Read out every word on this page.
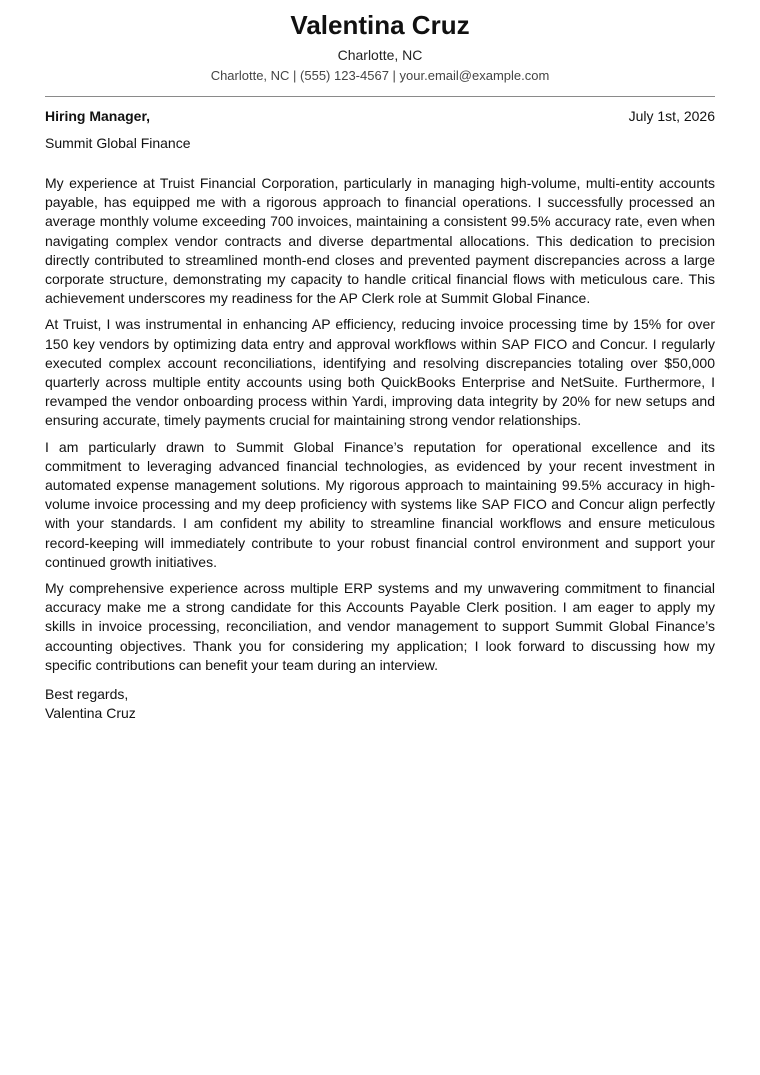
Valentina Cruz
Charlotte, NC
Charlotte, NC | (555) 123-4567 | your.email@example.com
Hiring Manager,	July 1st, 2026
Summit Global Finance

My experience at Truist Financial Corporation, particularly in managing high-volume, multi-entity accounts payable, has equipped me with a rigorous approach to financial operations. I successfully processed an average monthly volume exceeding 700 invoices, maintaining a consistent 99.5% accuracy rate, even when navigating complex vendor contracts and diverse departmental allocations. This dedication to precision directly contributed to streamlined month-end closes and prevented payment discrepancies across a large corporate structure, demonstrating my capacity to handle critical financial flows with meticulous care. This achievement underscores my readiness for the AP Clerk role at Summit Global Finance.

At Truist, I was instrumental in enhancing AP efficiency, reducing invoice processing time by 15% for over 150 key vendors by optimizing data entry and approval workflows within SAP FICO and Concur. I regularly executed complex account reconciliations, identifying and resolving discrepancies totaling over $50,000 quarterly across multiple entity accounts using both QuickBooks Enterprise and NetSuite. Furthermore, I revamped the vendor onboarding process within Yardi, improving data integrity by 20% for new setups and ensuring accurate, timely payments crucial for maintaining strong vendor relationships.

I am particularly drawn to Summit Global Finance’s reputation for operational excellence and its commitment to leveraging advanced financial technologies, as evidenced by your recent investment in automated expense management solutions. My rigorous approach to maintaining 99.5% accuracy in high-volume invoice processing and my deep proficiency with systems like SAP FICO and Concur align perfectly with your standards. I am confident my ability to streamline financial workflows and ensure meticulous record-keeping will immediately contribute to your robust financial control environment and support your continued growth initiatives.

My comprehensive experience across multiple ERP systems and my unwavering commitment to financial accuracy make me a strong candidate for this Accounts Payable Clerk position. I am eager to apply my skills in invoice processing, reconciliation, and vendor management to support Summit Global Finance’s accounting objectives. Thank you for considering my application; I look forward to discussing how my specific contributions can benefit your team during an interview.

Best regards,
Valentina Cruz
